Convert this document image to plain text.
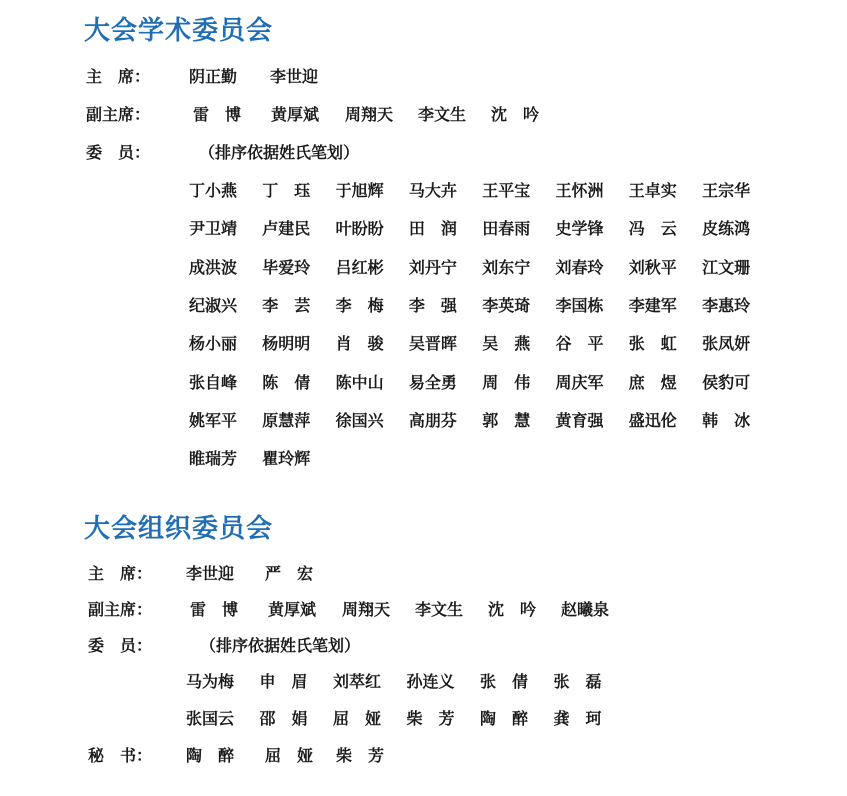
大会学术委员会
主　席： 阴正勤 李世迎
副主席：	雷　博 黄厚斌 周翔天 李文生 沈　吟
委　员：	（排序依据姓氏笔划）
丁小燕	丁　珏	于旭辉	马大卉	王平宝	王怀洲	王卓实	王宗华
尹卫靖	卢建民	叶盼盼	田　润	田春雨	史学锋	冯　云	皮练鸿
成洪波	毕爱玲	吕红彬	刘丹宁	刘东宁	刘春玲	刘秋平	江文珊
纪淑兴	李　芸	李　梅	李　强	李英琦	李国栋	李建军	李惠玲
杨小丽	杨明明	肖　骏	吴晋晖	吴　燕	谷　平	张　虹	张凤妍
张自峰	陈　倩	陈中山	易全勇	周　伟	周庆军	庶　煜	侯豹可
姚军平	原慧萍	徐国兴	高朋芬	郭　慧	黄育强	盛迅伦	韩　冰
睢瑞芳	瞿玲辉
大会组织委员会
主　席： 李世迎 严　宏
副主席： 雷　博 黄厚斌 周翔天 李文生 沈　吟 赵曦泉
委　员：	（排序依据姓氏笔划）
马为梅	申　眉	刘萃红	孙连义	张　倩	张　磊
张国云	邵　娟	屈　娅	柴　芳	陶　醉	龚　珂
秘　书： 陶　醉 屈　娅 柴　芳
